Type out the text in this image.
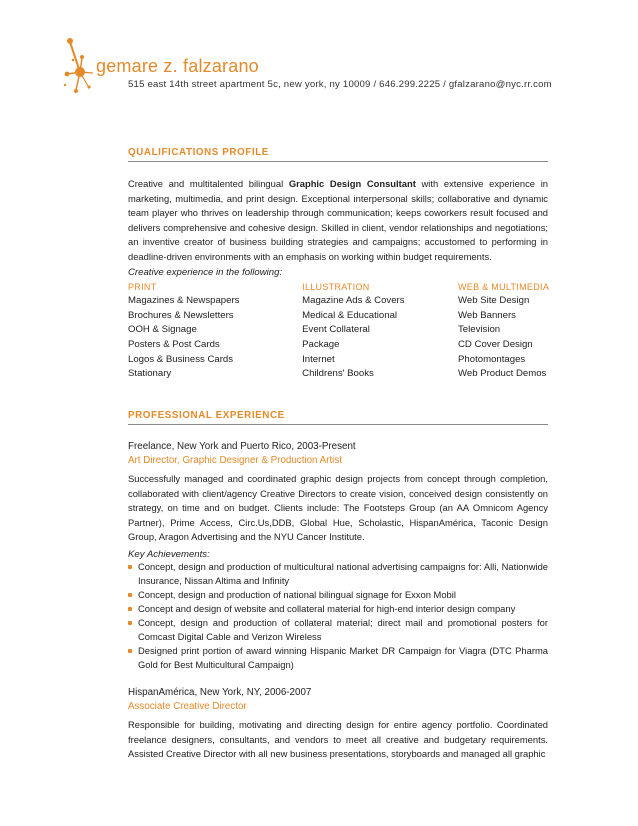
gemare z. falzarano
515 east 14th street apartment 5c, new york, ny 10009 / 646.299.2225 / gfalzarano@nyc.rr.com
QUALIFICATIONS PROFILE

Creative and multitalented bilingual Graphic Design Consultant with extensive experience in marketing, multimedia, and print design. Exceptional interpersonal skills; collaborative and dynamic team player who thrives on leadership through communication; keeps coworkers result focused and delivers comprehensive and cohesive design. Skilled in client, vendor relationships and negotiations; an inventive creator of business building strategies and campaigns; accustomed to performing in deadline-driven environments with an emphasis on working within budget requirements.

Creative experience in the following:
PRINT
Magazines & Newspapers
Brochures & Newsletters
OOH & Signage
Posters & Post Cards
Logos & Business Cards
Stationary
ILLUSTRATION
Magazine Ads & Covers
Medical & Educational
Event Collateral
Package
Internet
Childrens' Books
WEB & MULTIMEDIA
Web Site Design
Web Banners
Television
CD Cover Design
Photomontages
Web Product Demos
PROFESSIONAL EXPERIENCE
Freelance, New York and Puerto Rico, 2003-Present
Art Director, Graphic Designer & Production Artist

Successfully managed and coordinated graphic design projects from concept through completion, collaborated with client/agency Creative Directors to create vision, conceived design consistently on strategy, on time and on budget. Clients include: The Footsteps Group (an AA Omnicom Agency Partner), Prime Access, Circ.Us,DDB, Global Hue, Scholastic, HispanAmérica, Taconic Design Group, Aragon Advertising and the NYU Cancer Institute.

Key Achievements:
Concept, design and production of multicultural national advertising campaigns for: Alli, Nationwide Insurance, Nissan Altima and Infinity
Concept, design and production of national bilingual signage for Exxon Mobil
Concept and design of website and collateral material for high-end interior design company
Concept, design and production of collateral material; direct mail and promotional posters for Comcast Digital Cable and Verizon Wireless
Designed print portion of award winning Hispanic Market DR Campaign for Viagra (DTC Pharma Gold for Best Multicultural Campaign)
HispanAmérica, New York, NY, 2006-2007
Associate Creative Director

Responsible for building, motivating and directing design for entire agency portfolio. Coordinated freelance designers, consultants, and vendors to meet all creative and budgetary requirements. Assisted Creative Director with all new business presentations, storyboards and managed all graphic
